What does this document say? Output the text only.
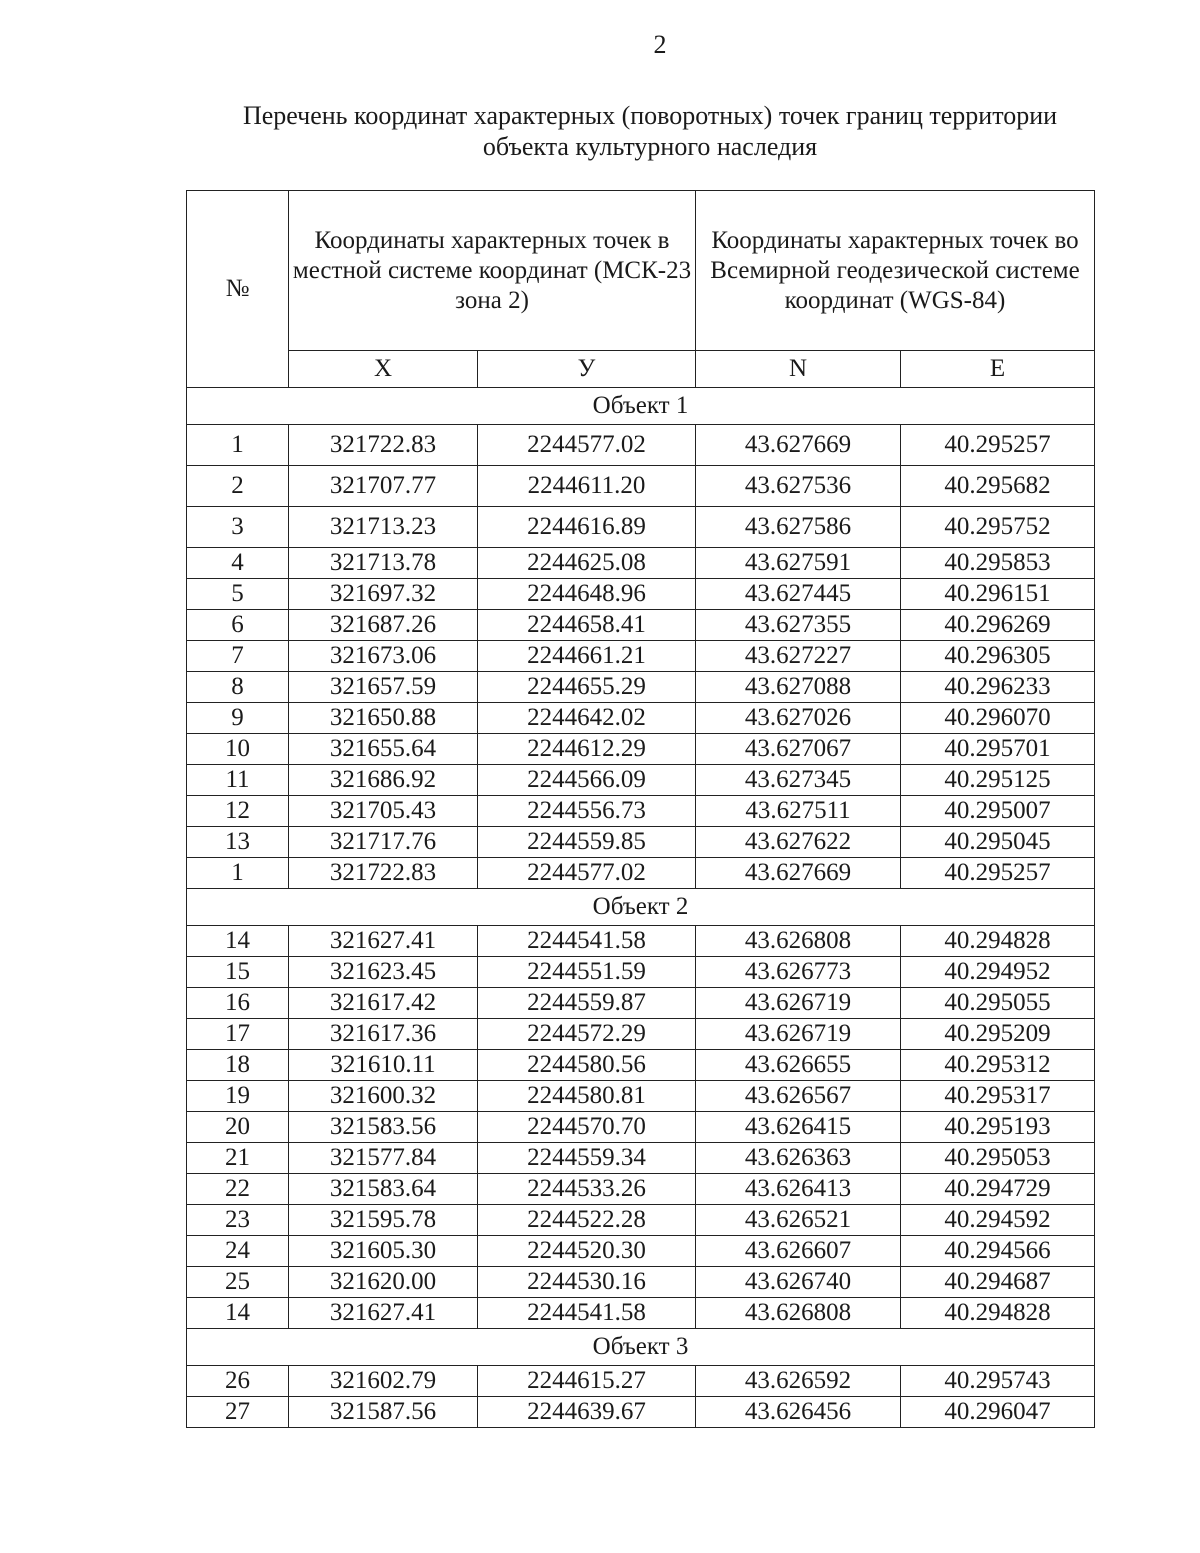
2
Перечень координат характерных (поворотных) точек границ территории
объекта культурного наследия
№	Координаты характерных точек в местной системе координат (МСК-23 зона 2)		Координаты характерных точек во Всемирной геодезической системе координат (WGS-84)	
	X	У	N	E
Объект 1				
1	321722.83	2244577.02	43.627669	40.295257
2	321707.77	2244611.20	43.627536	40.295682
3	321713.23	2244616.89	43.627586	40.295752
4	321713.78	2244625.08	43.627591	40.295853
5	321697.32	2244648.96	43.627445	40.296151
6	321687.26	2244658.41	43.627355	40.296269
7	321673.06	2244661.21	43.627227	40.296305
8	321657.59	2244655.29	43.627088	40.296233
9	321650.88	2244642.02	43.627026	40.296070
10	321655.64	2244612.29	43.627067	40.295701
11	321686.92	2244566.09	43.627345	40.295125
12	321705.43	2244556.73	43.627511	40.295007
13	321717.76	2244559.85	43.627622	40.295045
1	321722.83	2244577.02	43.627669	40.295257
Объект 2				
14	321627.41	2244541.58	43.626808	40.294828
15	321623.45	2244551.59	43.626773	40.294952
16	321617.42	2244559.87	43.626719	40.295055
17	321617.36	2244572.29	43.626719	40.295209
18	321610.11	2244580.56	43.626655	40.295312
19	321600.32	2244580.81	43.626567	40.295317
20	321583.56	2244570.70	43.626415	40.295193
21	321577.84	2244559.34	43.626363	40.295053
22	321583.64	2244533.26	43.626413	40.294729
23	321595.78	2244522.28	43.626521	40.294592
24	321605.30	2244520.30	43.626607	40.294566
25	321620.00	2244530.16	43.626740	40.294687
14	321627.41	2244541.58	43.626808	40.294828
Объект 3				
26	321602.79	2244615.27	43.626592	40.295743
27	321587.56	2244639.67	43.626456	40.296047
